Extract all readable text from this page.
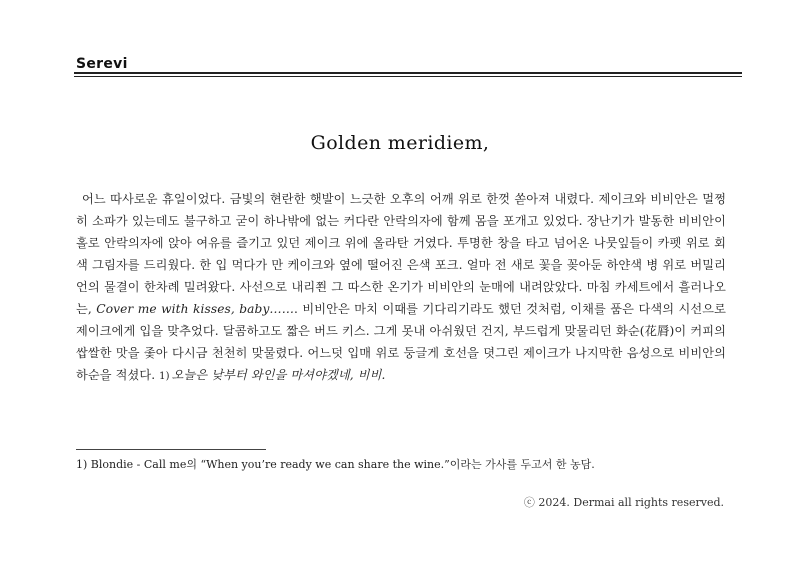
Serevi
Golden meridiem,

어느 따사로운 휴일이었다. 금빛의 현란한 햇발이 느긋한 오후의 어깨 위로 한껏 쏟아져 내렸다. 제이크와 비비안은 멀쩡히 소파가 있는데도 불구하고 굳이 하나밖에 없는 커다란 안락의자에 함께 몸을 포개고 있었다. 장난기가 발동한 비비안이 홀로 안락의자에 앉아 여유를 즐기고 있던 제이크 위에 올라탄 거였다. 투명한 창을 타고 넘어온 나뭇잎들이 카펫 위로 회색 그림자를 드리웠다. 한 입 먹다가 만 케이크와 옆에 떨어진 은색 포크. 얼마 전 새로 꽃을 꽂아둔 하얀색 병 위로 버밀리언의 물결이 한차례 밀려왔다. 사선으로 내리쬔 그 따스한 온기가 비비안의 눈매에 내려앉았다. 마침 카세트에서 흘러나오는, Cover me with kisses, baby……. 비비안은 마치 이때를 기다리기라도 했던 것처럼, 이채를 품은 다색의 시선으로 제이크에게 입을 맞추었다. 달콤하고도 짧은 버드 키스. 그게 못내 아쉬웠던 건지, 부드럽게 맞물리던 화순(花脣)이 커피의 쌉쌀한 맛을 좇아 다시금 천천히 맞물렸다. 어느덧 입매 위로 둥글게 호선을 뎟그린 제이크가 나지막한 음성으로 비비안의 하순을 적셨다. 1) 오늘은 낮부터 와인을 마셔야겠네, 비비.

1) Blondie - Call me의 “When you’re ready we can share the wine.”이라는 가사를 두고서 한 농담.
ⓒ 2024. Dermai all rights reserved.
